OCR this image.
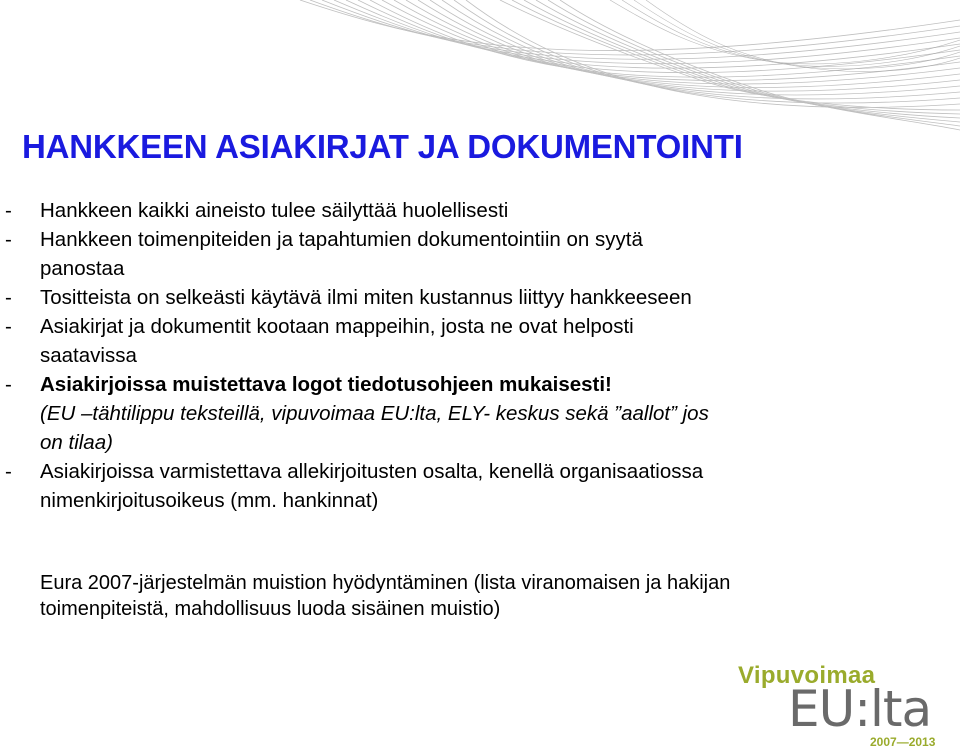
HANKKEEN ASIAKIRJAT JA DOKUMENTOINTI
- Hankkeen kaikki aineisto tulee säilyttää huolellisesti
- Hankkeen toimenpiteiden ja tapahtumien dokumentointiin on syytä
panostaa
- Tositteista on selkeästi käytävä ilmi miten kustannus liittyy hankkeeseen
- Asiakirjat ja dokumentit kootaan mappeihin, josta ne ovat helposti
saatavissa
- Asiakirjoissa muistettava logot tiedotusohjeen mukaisesti!
(EU –tähtilippu teksteillä, vipuvoimaa EU:lta, ELY- keskus sekä ”aallot” jos
on tilaa)
- Asiakirjoissa varmistettava allekirjoitusten osalta, kenellä organisaatiossa
nimenkirjoitusoikeus (mm. hankinnat)

Eura 2007-järjestelmän muistion hyödyntäminen (lista viranomaisen ja hakijan
toimenpiteistä, mahdollisuus luoda sisäinen muistio)

Vipuvoimaa
EU:lta
2007—2013
